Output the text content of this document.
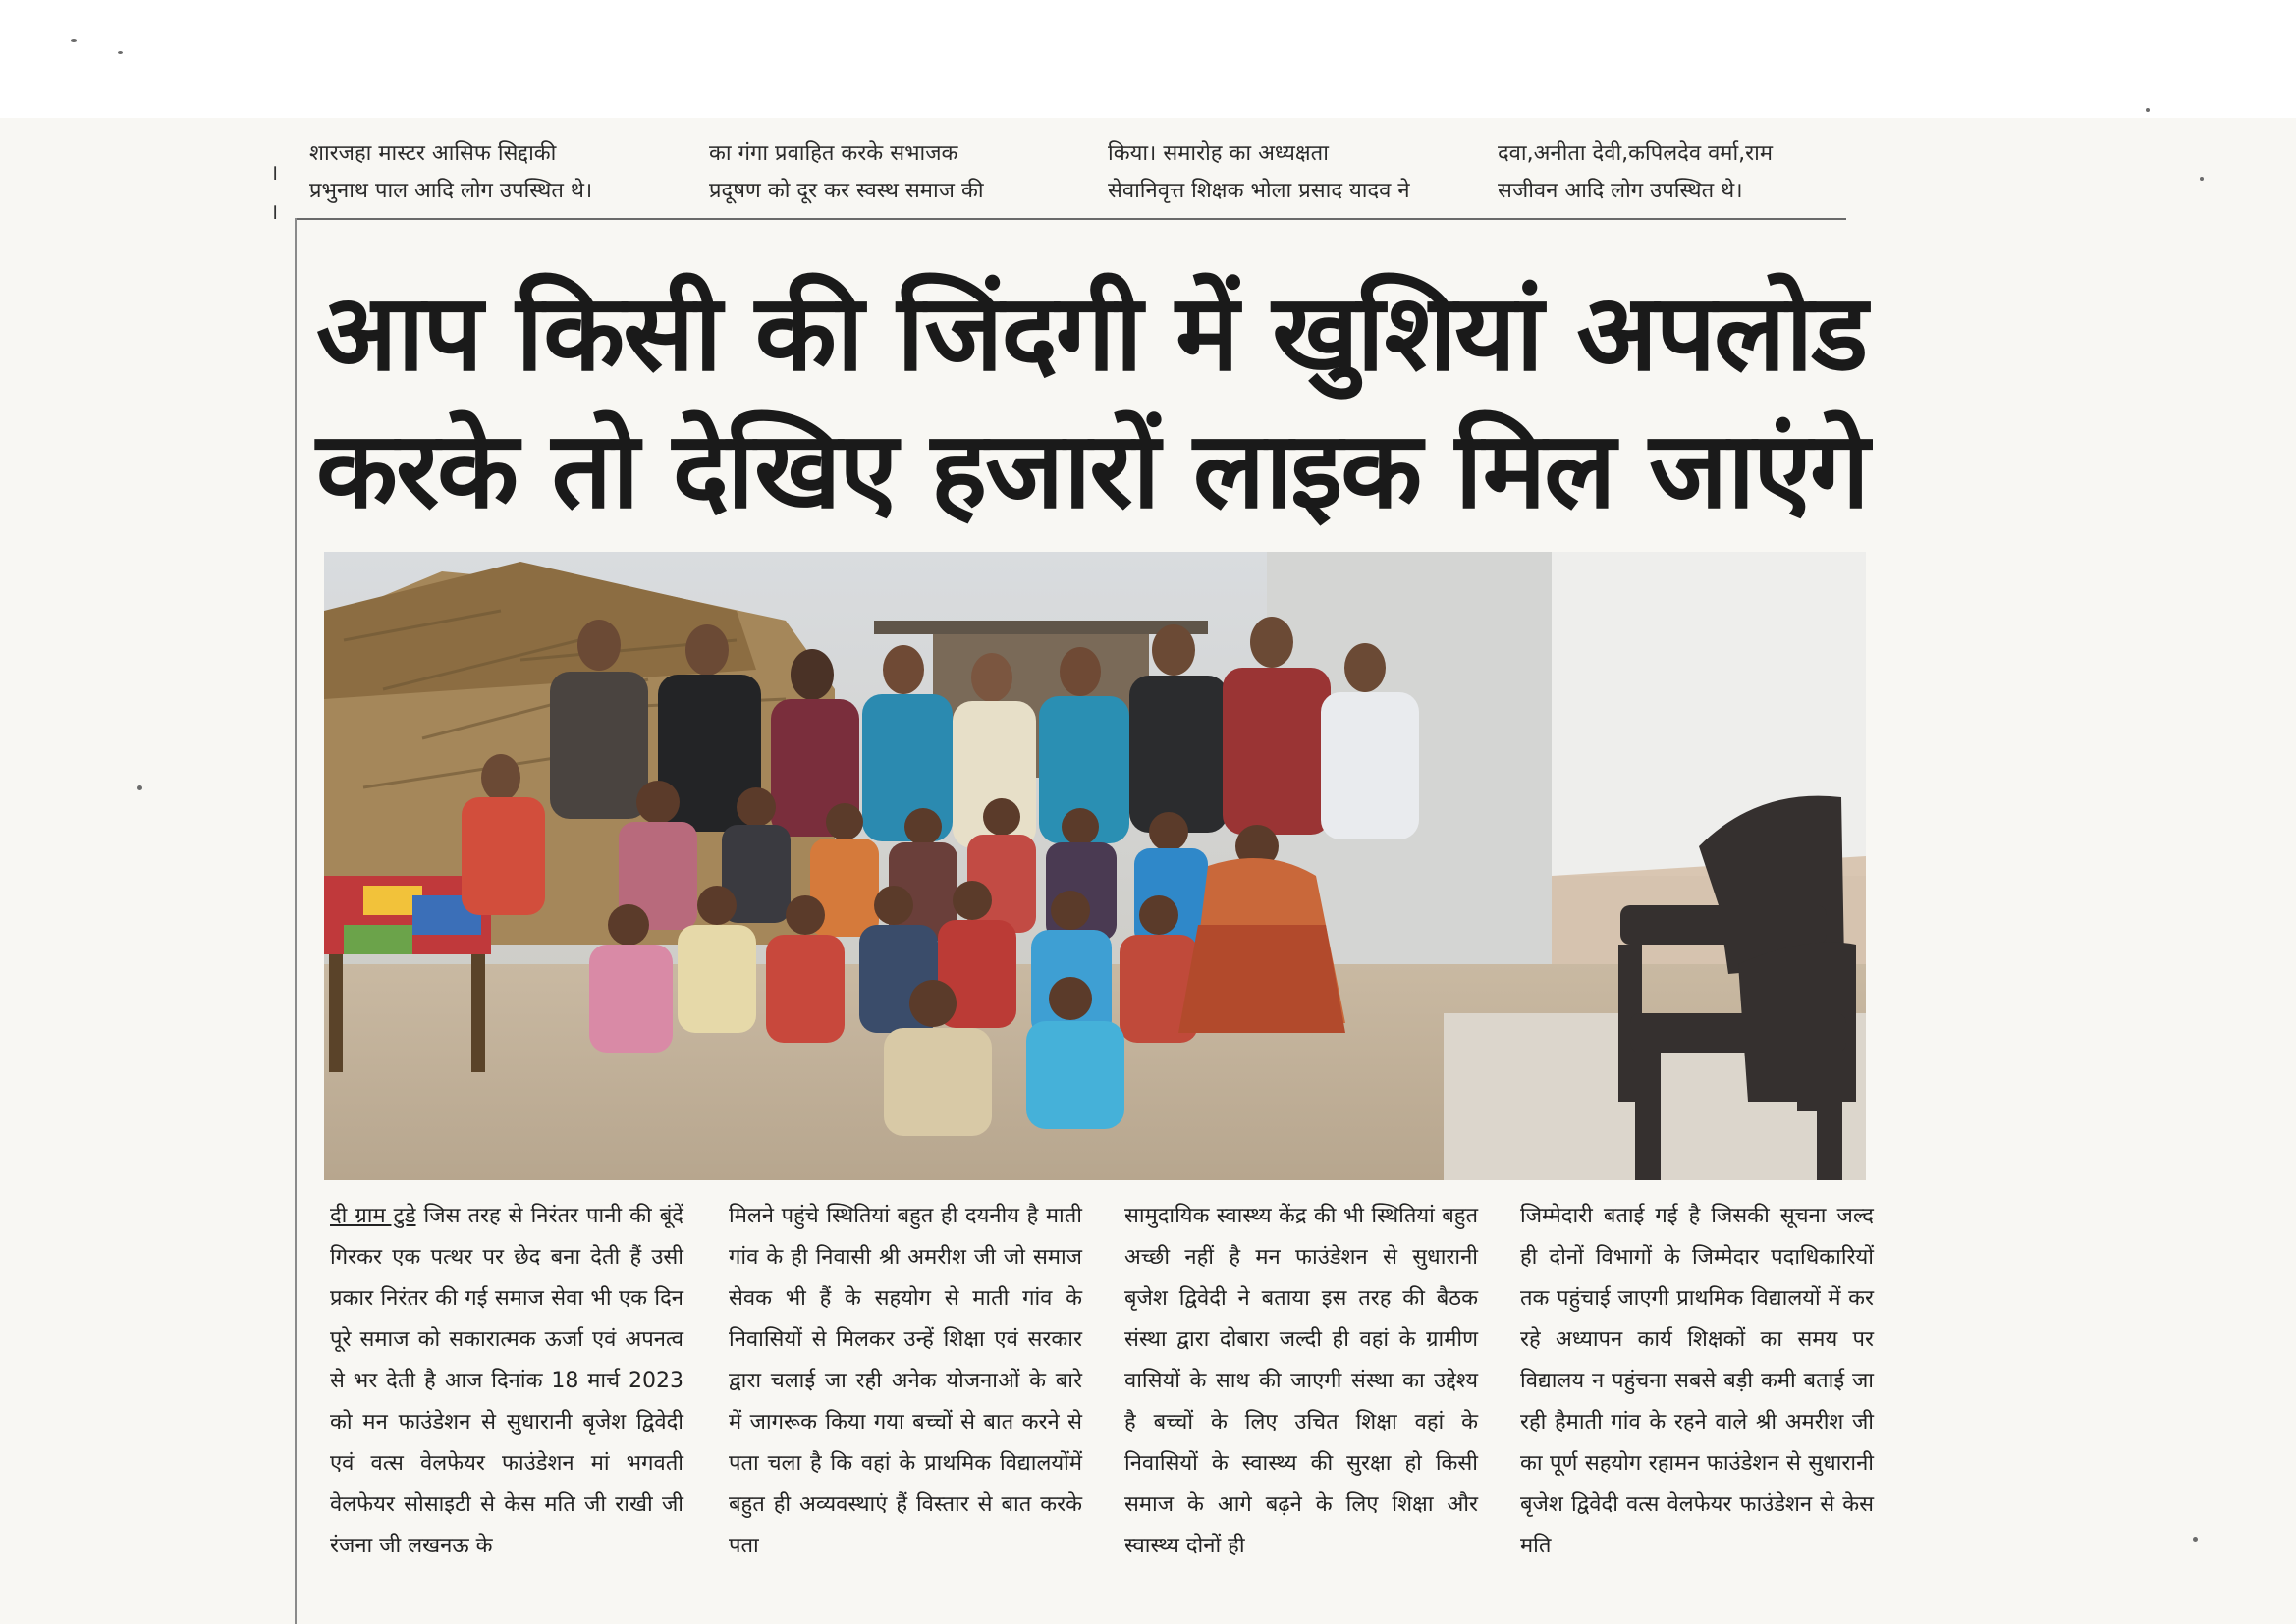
।
।
शारजहा मास्टर आसिफ सिद्दाकी
प्रभुनाथ पाल आदि लोग उपस्थित थे।
का गंगा प्रवाहित करके सभाजक
प्रदूषण को दूर कर स्वस्थ समाज की
किया। समारोह का अध्यक्षता
सेवानिवृत्त शिक्षक भोला प्रसाद यादव ने
दवा,अनीता देवी,कपिलदेव वर्मा,राम
सजीवन आदि लोग उपस्थित थे।
आप किसी की जिंदगी में खुशियां अपलोड
करके तो देखिए हजारों लाइक मिल जाएंगे

दी ग्राम टुडे जिस तरह से निरंतर पानी की बूंदें गिरकर एक पत्थर पर छेद बना देती हैं उसी प्रकार निरंतर की गई समाज सेवा भी एक दिन पूरे समाज को सकारात्मक ऊर्जा एवं अपनत्व से भर देती है आज दिनांक 18 मार्च 2023 को मन फाउंडेशन से सुधारानी बृजेश द्विवेदी एवं वत्स वेलफेयर फाउंडेशन मां भगवती वेलफेयर सोसाइटी से केस मति जी राखी जी रंजना जी लखनऊ के

मिलने पहुंचे स्थितियां बहुत ही दयनीय है माती गांव के ही निवासी श्री अमरीश जी जो समाज सेवक भी हैं के सहयोग से माती गांव के निवासियों से मिलकर उन्हें शिक्षा एवं सरकार द्वारा चलाई जा रही अनेक योजनाओं के बारे में जागरूक किया गया बच्चों से बात करने से पता चला है कि वहां के प्राथमिक विद्यालयोंमें बहुत ही अव्यवस्थाएं हैं विस्तार से बात करके पता

सामुदायिक स्वास्थ्य केंद्र की भी स्थितियां बहुत अच्छी नहीं है मन फाउंडेशन से सुधारानी बृजेश द्विवेदी ने बताया इस तरह की बैठक संस्था द्वारा दोबारा जल्दी ही वहां के ग्रामीण वासियों के साथ की जाएगी संस्था का उद्देश्य है बच्चों के लिए उचित शिक्षा वहां के निवासियों के स्वास्थ्य की सुरक्षा हो किसी समाज के आगे बढ़ने के लिए शिक्षा और स्वास्थ्य दोनों ही

जिम्मेदारी बताई गई है जिसकी सूचना जल्द ही दोनों विभागों के जिम्मेदार पदाधिकारियों तक पहुंचाई जाएगी प्राथमिक विद्यालयों में कर रहे अध्यापन कार्य शिक्षकों का समय पर विद्यालय न पहुंचना सबसे बड़ी कमी बताई जा रही हैमाती गांव के रहने वाले श्री अमरीश जी का पूर्ण सहयोग रहामन फाउंडेशन से सुधारानी बृजेश द्विवेदी वत्स वेलफेयर फाउंडेशन से केस मति
